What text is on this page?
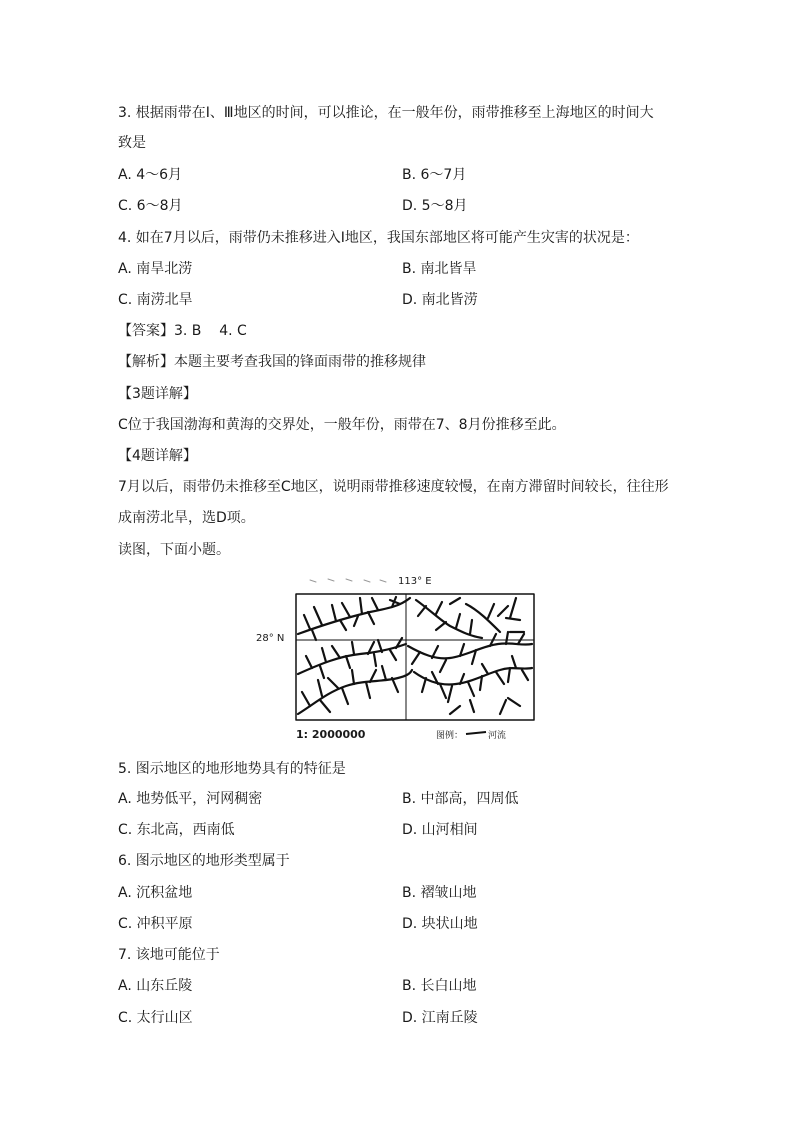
3. 根据雨带在Ⅰ、Ⅲ地区的时间，可以推论，在一般年份，雨带推移至上海地区的时间大
致是
A. 4～6月	B. 6～7月
C. 6～8月	D. 5～8月
4. 如在7月以后，雨带仍未推移进入Ⅰ地区，我国东部地区将可能产生灾害的状况是：
A. 南旱北涝	B. 南北皆旱
C. 南涝北旱	D. 南北皆涝
【答案】3. B    4. C
【解析】本题主要考查我国的锋面雨带的推移规律
【3题详解】
C位于我国渤海和黄海的交界处，一般年份，雨带在7、8月份推移至此。
【4题详解】
7月以后，雨带仍未推移至C地区，说明雨带推移速度较慢，在南方滞留时间较长，往往形
成南涝北旱，选D项。
读图，下面小题。
113° E
28° N
1: 2000000	图例：	河流
5. 图示地区的地形地势具有的特征是
A. 地势低平，河网稠密	B. 中部高，四周低
C. 东北高，西南低	D. 山河相间
6. 图示地区的地形类型属于
A. 沉积盆地	B. 褶皱山地
C. 冲积平原	D. 块状山地
7. 该地可能位于
A. 山东丘陵	B. 长白山地
C. 太行山区	D. 江南丘陵
